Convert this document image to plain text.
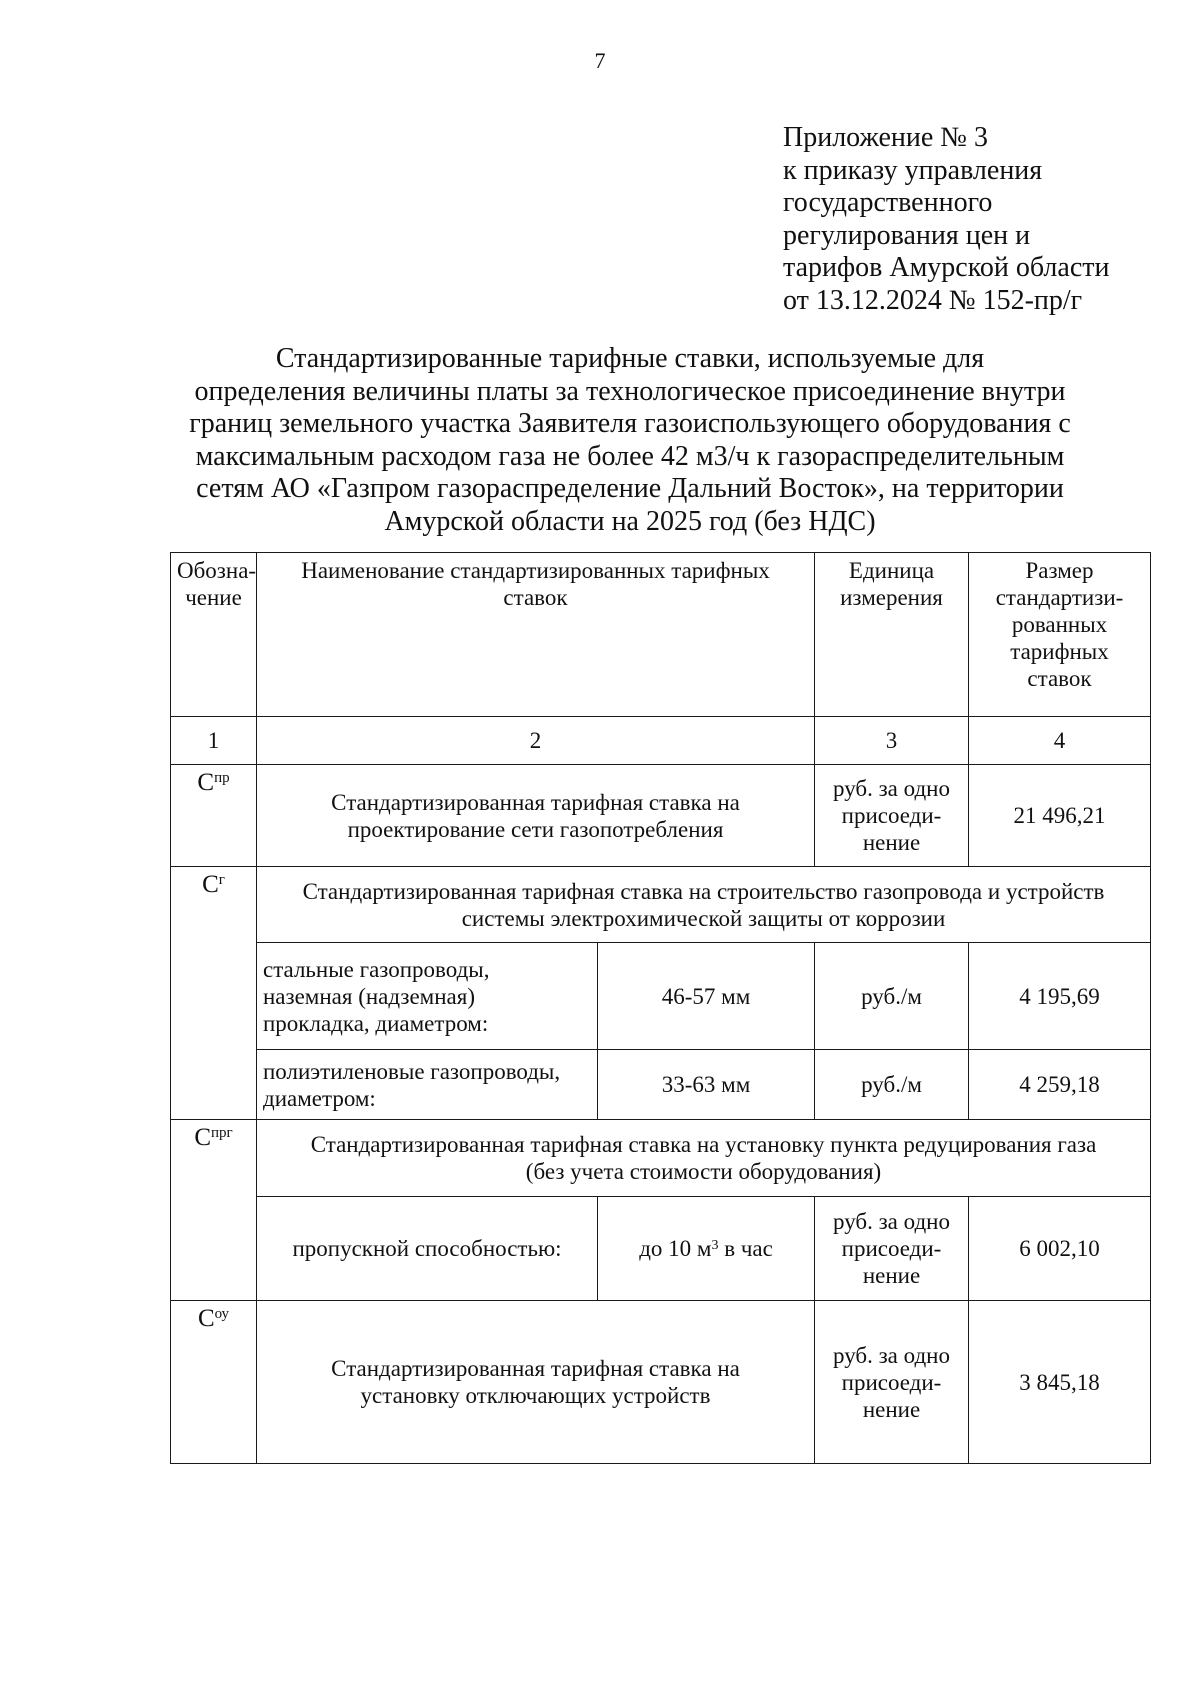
7
Приложение № 3
к приказу управления
государственного
регулирования цен и
тарифов Амурской области
от 13.12.2024 № 152-пр/г
Стандартизированные тарифные ставки, используемые для
определения величины платы за технологическое присоединение внутри
границ земельного участка Заявителя газоиспользующего оборудования с
максимальным расходом газа не более 42 м3/ч к газораспределительным
сетям АО «Газпром газораспределение Дальний Восток», на территории
Амурской области на 2025 год (без НДС)
Обозна-
чение	Наименование стандартизированных тарифных
ставок		Единица
измерения	Размер
стандартизи-
рованных
тарифных
ставок
1	2		3	4
$С^{пр}$	Стандартизированная тарифная ставка на
проектирование сети газопотребления		руб. за одно
присоеди-
нение	21 496,21
$С^г$	Стандартизированная тарифная ставка на строительство газопровода и устройств
системы электрохимической защиты от коррозии			
	стальные газопроводы,
наземная (надземная)
прокладка, диаметром:	46-57 мм	руб./м	4 195,69
	полиэтиленовые газопроводы,
диаметром:	33-63 мм	руб./м	4 259,18
$С^{прг}$	Стандартизированная тарифная ставка на установку пункта редуцирования газа
(без учета стоимости оборудования)			
	пропускной способностью:	до 10 $м^3$ в час	руб. за одно
присоеди-
нение	6 002,10
$С^{оу}$	Стандартизированная тарифная ставка на
установку отключающих устройств		руб. за одно
присоеди-
нение	3 845,18
